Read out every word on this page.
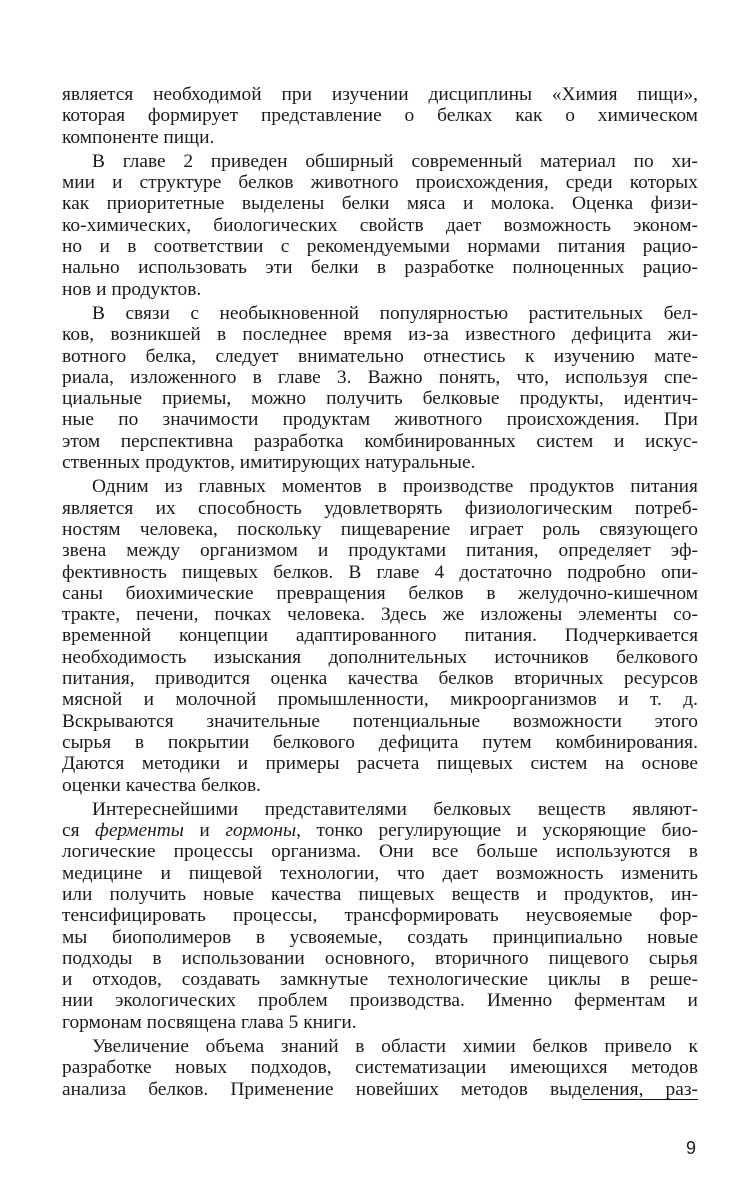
является необходимой при изучении дисциплины «Химия пищи»,
которая формирует представление о белках как о химическом
компоненте пищи.
В главе 2 приведен обширный современный материал по хи-
мии и структуре белков животного происхождения, среди которых
как приоритетные выделены белки мяса и молока. Оценка физи-
ко-химических, биологических свойств дает возможность эконом-
но и в соответствии с рекомендуемыми нормами питания рацио-
нально использовать эти белки в разработке полноценных рацио-
нов и продуктов.
В связи с необыкновенной популярностью растительных бел-
ков, возникшей в последнее время из-за известного дефицита жи-
вотного белка, следует внимательно отнестись к изучению мате-
риала, изложенного в главе 3. Важно понять, что, используя спе-
циальные приемы, можно получить белковые продукты, идентич-
ные по значимости продуктам животного происхождения. При
этом перспективна разработка комбинированных систем и искус-
ственных продуктов, имитирующих натуральные.
Одним из главных моментов в производстве продуктов питания
является их способность удовлетворять физиологическим потреб-
ностям человека, поскольку пищеварение играет роль связующего
звена между организмом и продуктами питания, определяет эф-
фективность пищевых белков. В главе 4 достаточно подробно опи-
саны биохимические превращения белков в желудочно-кишечном
тракте, печени, почках человека. Здесь же изложены элементы со-
временной концепции адаптированного питания. Подчеркивается
необходимость изыскания дополнительных источников белкового
питания, приводится оценка качества белков вторичных ресурсов
мясной и молочной промышленности, микроорганизмов и т. д.
Вскрываются значительные потенциальные возможности этого
сырья в покрытии белкового дефицита путем комбинирования.
Даются методики и примеры расчета пищевых систем на основе
оценки качества белков.
Интереснейшими представителями белковых веществ являют-
ся ферменты и гормоны, тонко регулирующие и ускоряющие био-
логические процессы организма. Они все больше используются в
медицине и пищевой технологии, что дает возможность изменить
или получить новые качества пищевых веществ и продуктов, ин-
тенсифицировать процессы, трансформировать неусвояемые фор-
мы биополимеров в усвояемые, создать принципиально новые
подходы в использовании основного, вторичного пищевого сырья
и отходов, создавать замкнутые технологические циклы в реше-
нии экологических проблем производства. Именно ферментам и
гормонам посвящена глава 5 книги.
Увеличение объема знаний в области химии белков привело к
разработке новых подходов, систематизации имеющихся методов
анализа белков. Применение новейших методов выделения, раз-
9
